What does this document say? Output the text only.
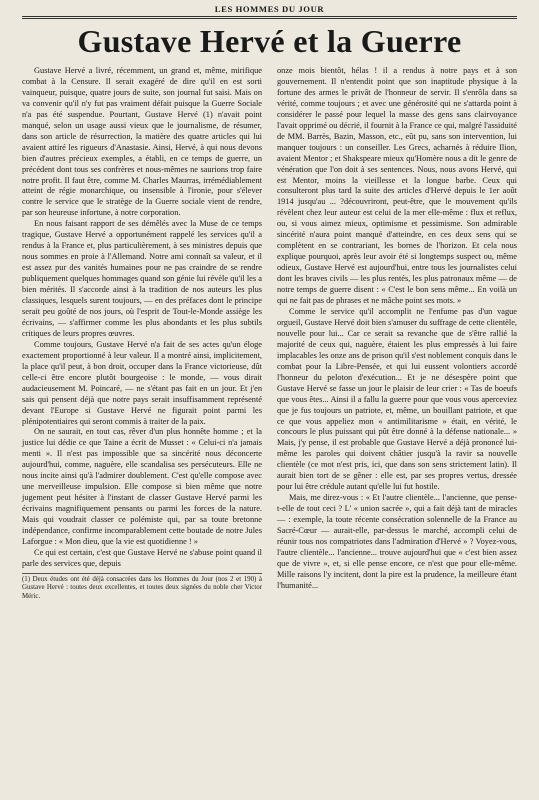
LES HOMMES DU JOUR
Gustave Hervé et la Guerre

Gustave Hervé a livré, récemment, un grand et, même, mirifique combat à la Censure. Il serait exagéré de dire qu'il en est sorti vainqueur, puisque, quatre jours de suite, son journal fut saisi. Mais on va convenir qu'il n'y fut pas vraiment défait puisque la Guerre Sociale n'a pas été suspendue. Pourtant, Gustave Hervé (1) n'avait point manqué, selon un usage aussi vieux que le journalisme, de résumer, dans son article de résurrection, la matière des quatre articles qui lui avaient attiré les rigueurs d'Anastasie. Ainsi, Hervé, à qui nous devons bien d'autres précieux exemples, a établi, en ce temps de guerre, un précédent dont tous ses confrères et nous-mêmes ne saurions trop faire notre profit. Il faut être, comme M. Charles Maurras, irrémédiablement atteint de régie monarchique, ou insensible à l'ironie, pour s'élever contre le service que le stratège de la Guerre sociale vient de rendre, par son heureuse infortune, à notre corporation.

En nous faisant rapport de ses démêlés avec la Muse de ce temps tragique, Gustave Hervé a opportunément rappelé les services qu'il a rendus à la France et, plus particulièrement, à ses ministres depuis que nous sommes en proie à l'Allemand. Notre ami connaît sa valeur, et il est assez pur des vanités humaines pour ne pas craindre de se rendre publiquement quelques hommages quand son génie lui révèle qu'il les a bien mérités. Il s'accorde ainsi à la tradition de nos auteurs les plus classiques, lesquels surent toujours, — en des préfaces dont le principe serait peu goûté de nos jours, où l'esprit de Tout-le-Monde assiège les écrivains, — s'affirmer comme les plus abondants et les plus subtils critiques de leurs propres œuvres.

Comme toujours, Gustave Hervé n'a fait de ses actes qu'un éloge exactement proportionné à leur valeur. Il a montré ainsi, implicitement, la place qu'il peut, à bon droit, occuper dans la France victorieuse, dût celle-ci être encore plutôt bourgeoise : le monde, — vous dirait audacieusement M. Poincaré, — ne s'étant pas fait en un jour. Et j'en sais qui pensent déjà que notre pays serait insuffisamment représenté devant l'Europe si Gustave Hervé ne figurait point parmi les plénipotentiaires qui seront commis à traiter de la paix.

On ne saurait, en tout cas, rêver d'un plus honnête homme ; et la justice lui dédie ce que Taine a écrit de Musset : « Celui-ci n'a jamais menti ». Il n'est pas impossible que sa sincérité nous déconcerte aujourd'hui, comme, naguère, elle scandalisa ses persécuteurs. Elle ne nous incite ainsi qu'à l'admirer doublement. C'est qu'elle compose avec une merveilleuse impulsion. Elle compose si bien même que notre jugement peut hésiter à l'instant de classer Gustave Hervé parmi les écrivains magnifiquement pensants ou parmi les forces de la nature. Mais qui voudrait classer ce polémiste qui, par sa toute bretonne indépendance, confirme incomparablement cette boutade de notre Jules Laforgue : « Mon dieu, que la vie est quotidienne ! »

Ce qui est certain, c'est que Gustave Hervé ne s'abuse point quand il parle des services que, depuis

(1) Deux études ont été déjà consacrées dans les Hommes du Jour (nos 2 et 190) à Gustave Hervé : toutes deux excellentes, et toutes deux signées du noble cher Victor Méric.

onze mois bientôt, hélas ! il a rendus à notre pays et à son gouvernement. Il n'entendit point que son inaptitude physique à la fortune des armes le privât de l'honneur de servir. Il s'enrôla dans sa vérité, comme toujours ; et avec une générosité qui ne s'attarda point à considérer le passé pour lequel la masse des gens sans clairvoyance l'avait opprimé ou décrié, il fournit à la France ce qui, malgré l'assiduité de MM. Barrès, Bazin, Masson, etc., eût pu, sans son intervention, lui manquer toujours : un conseiller. Les Grecs, acharnés à réduire Ilion, avaient Mentor ; et Shakspeare mieux qu'Homère nous a dit le genre de vénération que l'on doit à ses sentences. Nous, nous avons Hervé, qui est Mentor, moins la vieillesse et la longue barbe. Ceux qui consulteront plus tard la suite des articles d'Hervé depuis le 1er août 1914 jusqu'au ... ?découvriront, peut-être, que le mouvement qu'ils révèlent chez leur auteur est celui de la mer elle-même : flux et reflux, ou, si vous aimez mieux, optimisme et pessimisme. Son admirable sincérité n'aura point manqué d'atteindre, en ces deux sens qui se complètent en se contrariant, les bornes de l'horizon. Et cela nous explique pourquoi, après leur avoir été si longtemps suspect ou, même odieux, Gustave Hervé est aujourd'hui, entre tous les journalistes celui dont les braves civils — les plus rentés, les plus patronaux même — de notre temps de guerre disent : « C'est le bon sens même... En voilà un qui ne fait pas de phrases et ne mâche point ses mots. »

Comme le service qu'il accomplit ne l'enfume pas d'un vague orgueil, Gustave Hervé doit bien s'amuser du suffrage de cette clientèle, nouvelle pour lui... Car ce serait sa revanche que de s'être rallié la majorité de ceux qui, naguère, étaient les plus empressés à lui faire implacables les onze ans de prison qu'il s'est noblement conquis dans le combat pour la Libre-Pensée, et qui lui eussent volontiers accordé l'honneur du peloton d'exécution... Et je ne désespère point que Gustave Hervé se fasse un jour le plaisir de leur crier : « Tas de boeufs que vous êtes... Ainsi il a fallu la guerre pour que vous vous aperceviez que je fus toujours un patriote, et, même, un bouillant patriote, et que ce que vous appeliez mon « antimilitarisme » était, en vérité, le concours le plus puissant qui pût être donné à la défense nationale... » Mais, j'y pense, il est probable que Gustave Hervé a déjà prononcé lui-même les paroles qui doivent châtier jusqu'à la ravir sa nouvelle clientèle (ce mot n'est pris, ici, que dans son sens strictement latin). Il aurait bien tort de se gêner : elle est, par ses propres vertus, dressée pour lui être crédule autant qu'elle lui fut hostile.

Mais, me direz-vous : « Et l'autre clientèle... l'ancienne, que pense-t-elle de tout ceci ? L' « union sacrée », qui a fait déjà tant de miracles — : exemple, la toute récente consécration solennelle de la France au Sacré-Cœur — aurait-elle, par-dessus le marché, accompli celui de réunir tous nos compatriotes dans l'admiration d'Hervé » ? Voyez-vous, l'autre clientèle... l'ancienne... trouve aujourd'hui que « c'est bien assez que de vivre », et, si elle pense encore, ce n'est que pour elle-même. Mille raisons l'y incitent, dont la pire est la prudence, la meilleure étant l'humanité...
